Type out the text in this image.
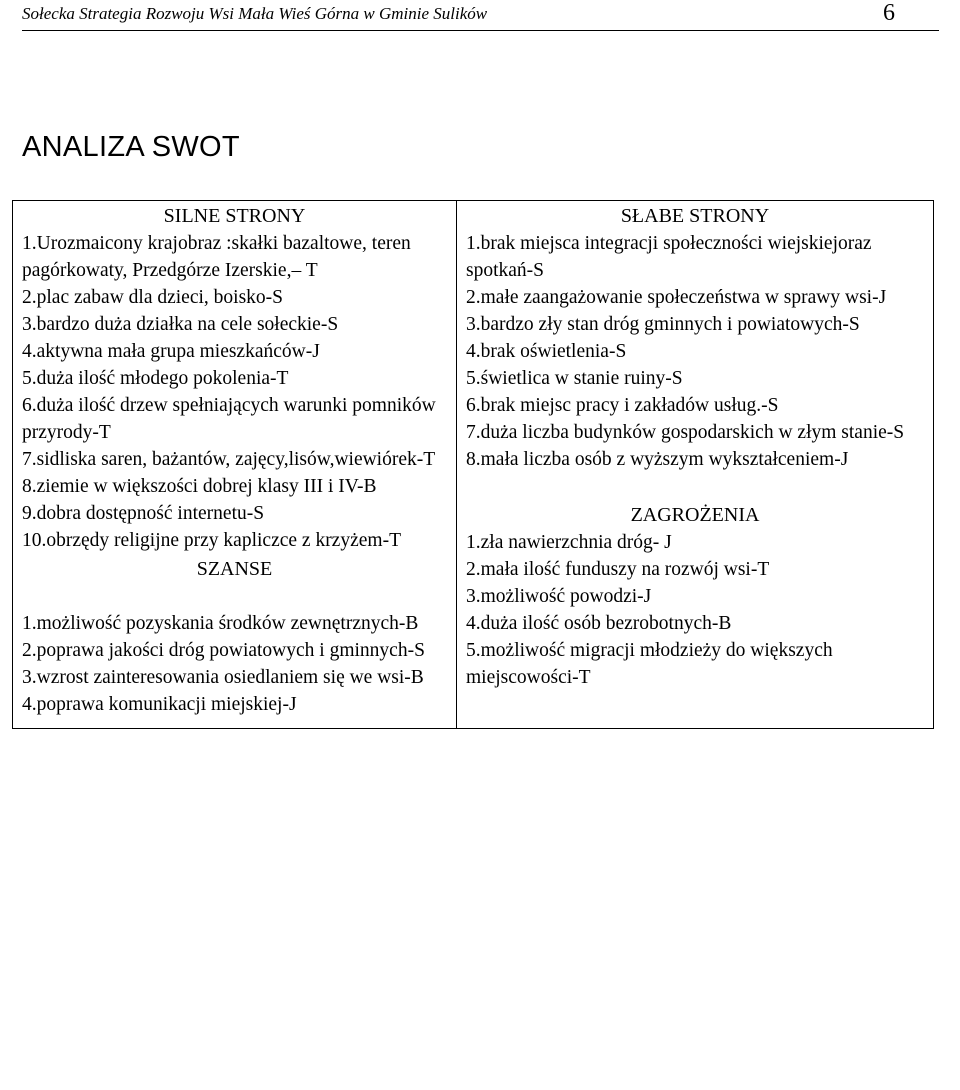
Sołecka Strategia Rozwoju Wsi Mała Wieś Górna w Gminie Sulików	6
ANALIZA SWOT
SILNE STRONY
1.Urozmaicony krajobraz :skałki bazaltowe, teren pagórkowaty, Przedgórze Izerskie,– T
2.plac zabaw dla dzieci, boisko-S
3.bardzo duża działka na cele sołeckie-S
4.aktywna mała grupa mieszkańców-J
5.duża ilość młodego pokolenia-T
6.duża ilość drzew spełniających warunki pomników przyrody-T
7.sidliska saren, bażantów, zajęcy,lisów,wiewiórek-T
8.ziemie w większości dobrej klasy III i IV-B
9.dobra dostępność internetu-S
10.obrzędy religijne przy kapliczce z krzyżem-T
SZANSE
1.możliwość pozyskania środków zewnętrznych-B
2.poprawa jakości dróg powiatowych i gminnych-S
3.wzrost zainteresowania osiedlaniem się we wsi-B
4.poprawa komunikacji miejskiej-J

SŁABE STRONY
1.brak miejsca integracji społeczności wiejskiejoraz spotkań-S
2.małe zaangażowanie społeczeństwa w sprawy wsi-J
3.bardzo zły stan dróg gminnych i powiatowych-S
4.brak oświetlenia-S
5.świetlica w stanie ruiny-S
6.brak miejsc pracy i zakładów usług.-S
7.duża liczba budynków gospodarskich w złym stanie-S
8.mała liczba osób z wyższym wykształceniem-J
ZAGROŻENIA
1.zła nawierzchnia dróg- J
2.mała ilość funduszy na rozwój wsi-T
3.możliwość powodzi-J
4.duża ilość osób bezrobotnych-B
5.możliwość migracji młodzieży do większych miejscowości-T
